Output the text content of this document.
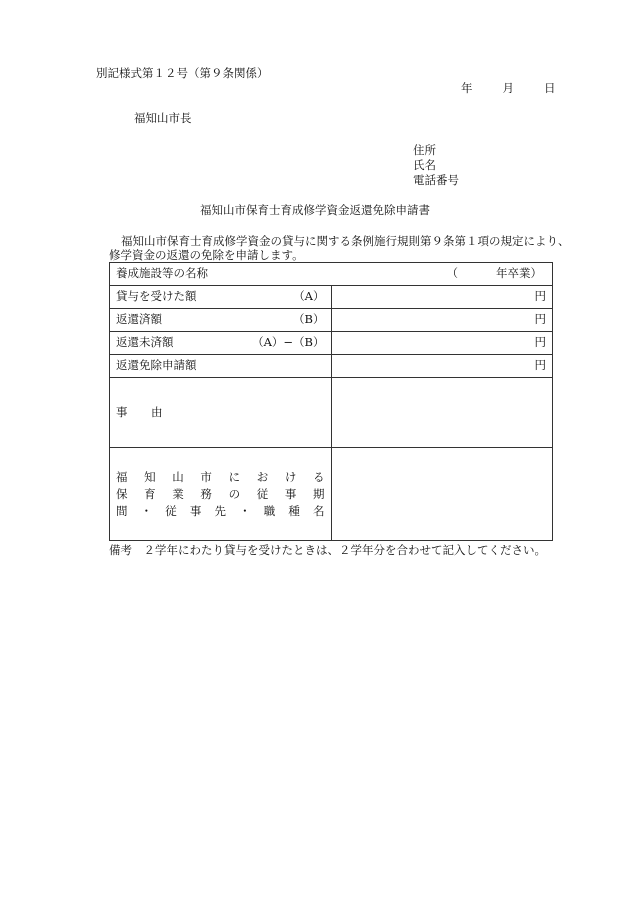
別記様式第１２号（第９条関係）
年	月	日
福知山市長
住所
氏名
電話番号
福知山市保育士育成修学資金返還免除申請書
福知山市保育士育成修学資金の貸与に関する条例施行規則第９条第１項の規定により、
修学資金の返還の免除を申請します。
養成施設等の名称 （ 年卒業）	

貸与を受けた額 （A）	円

返還済額 （B）	円

返還未済額 （A）−（B）	円
返還免除申請額	円
事　由	

福知山市における
保育業務の従事期
間・従事先・職種名	

備考　２学年にわたり貸与を受けたときは、２学年分を合わせて記入してください。
